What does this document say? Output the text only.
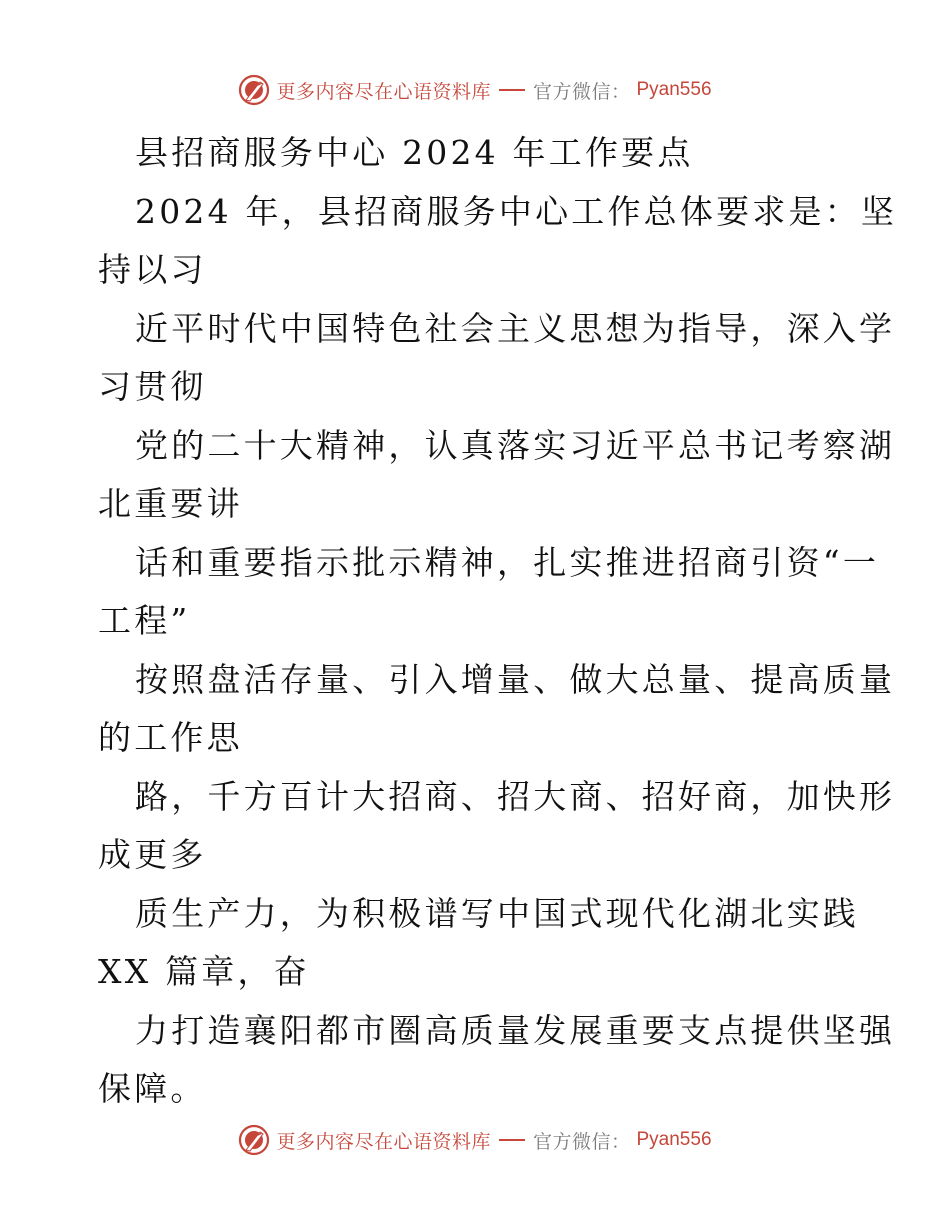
更多内容尽在心语资料库 官方微信： Pyan556
县招商服务中心 2024 年工作要点
2024 年，县招商服务中心工作总体要求是：坚
持以习
近平时代中国特色社会主义思想为指导，深入学
习贯彻
党的二十大精神，认真落实习近平总书记考察湖
北重要讲
话和重要指示批示精神，扎实推进招商引资“一
工程”
按照盘活存量、引入增量、做大总量、提高质量
的工作思
路，千方百计大招商、招大商、招好商，加快形
成更多
质生产力，为积极谱写中国式现代化湖北实践
XX 篇章，奋
力打造襄阳都市圈高质量发展重要支点提供坚强
保障。
更多内容尽在心语资料库 官方微信： Pyan556
